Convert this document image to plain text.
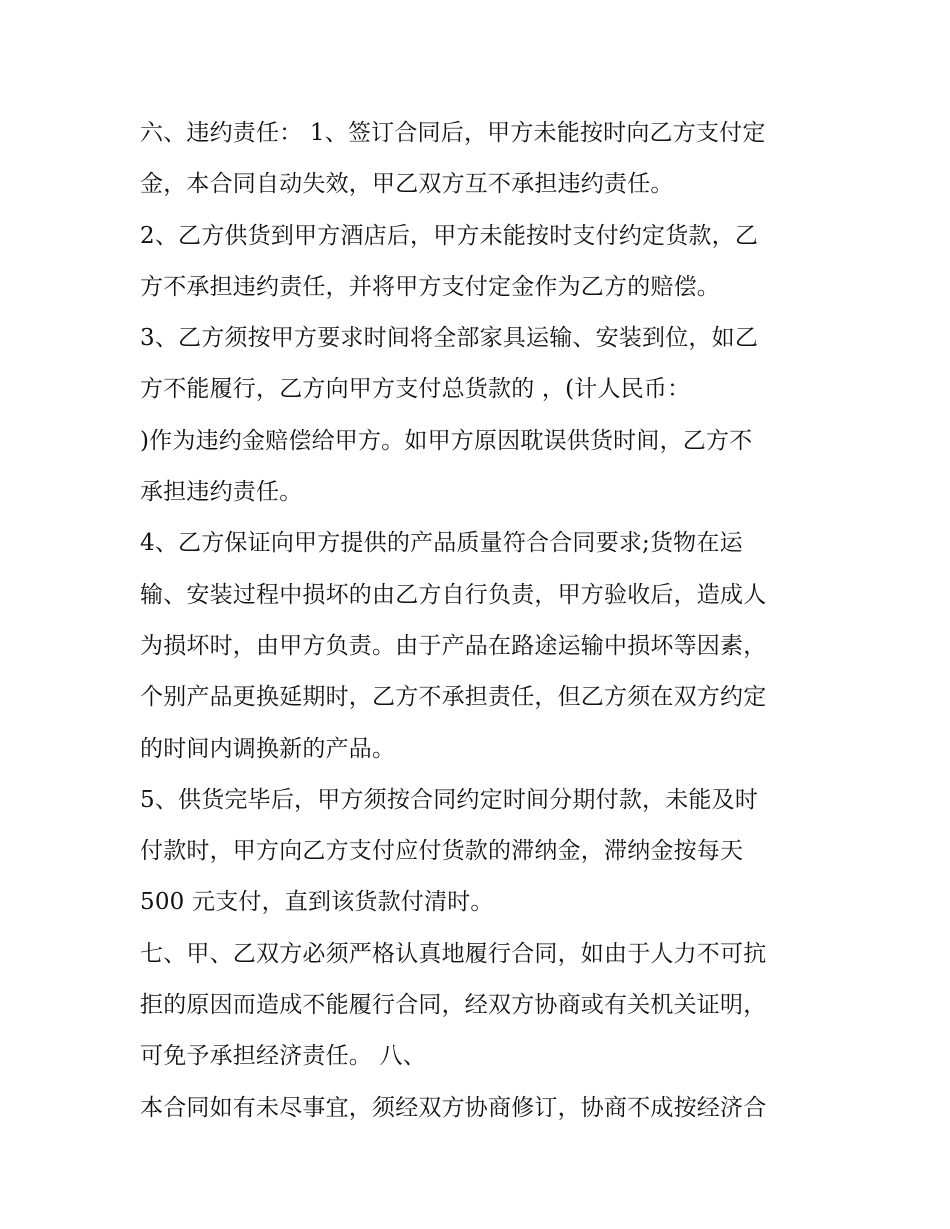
六、违约责任： 1、签订合同后，甲方未能按时向乙方支付定
金，本合同自动失效，甲乙双方互不承担违约责任。
2、乙方供货到甲方酒店后，甲方未能按时支付约定货款，乙
方不承担违约责任，并将甲方支付定金作为乙方的赔偿。
3、乙方须按甲方要求时间将全部家具运输、安装到位，如乙
方不能履行，乙方向甲方支付总货款的 ，(计人民币：
)作为违约金赔偿给甲方。如甲方原因耽误供货时间，乙方不
承担违约责任。
4、乙方保证向甲方提供的产品质量符合合同要求;货物在运
输、安装过程中损坏的由乙方自行负责，甲方验收后，造成人
为损坏时，由甲方负责。由于产品在路途运输中损坏等因素，
个别产品更换延期时，乙方不承担责任，但乙方须在双方约定
的时间内调换新的产品。
5、供货完毕后，甲方须按合同约定时间分期付款，未能及时
付款时，甲方向乙方支付应付货款的滞纳金，滞纳金按每天
500 元支付，直到该货款付清时。
七、甲、乙双方必须严格认真地履行合同，如由于人力不可抗
拒的原因而造成不能履行合同，经双方协商或有关机关证明，
可免予承担经济责任。 八、
本合同如有未尽事宜，须经双方协商修订，协商不成按经济合
